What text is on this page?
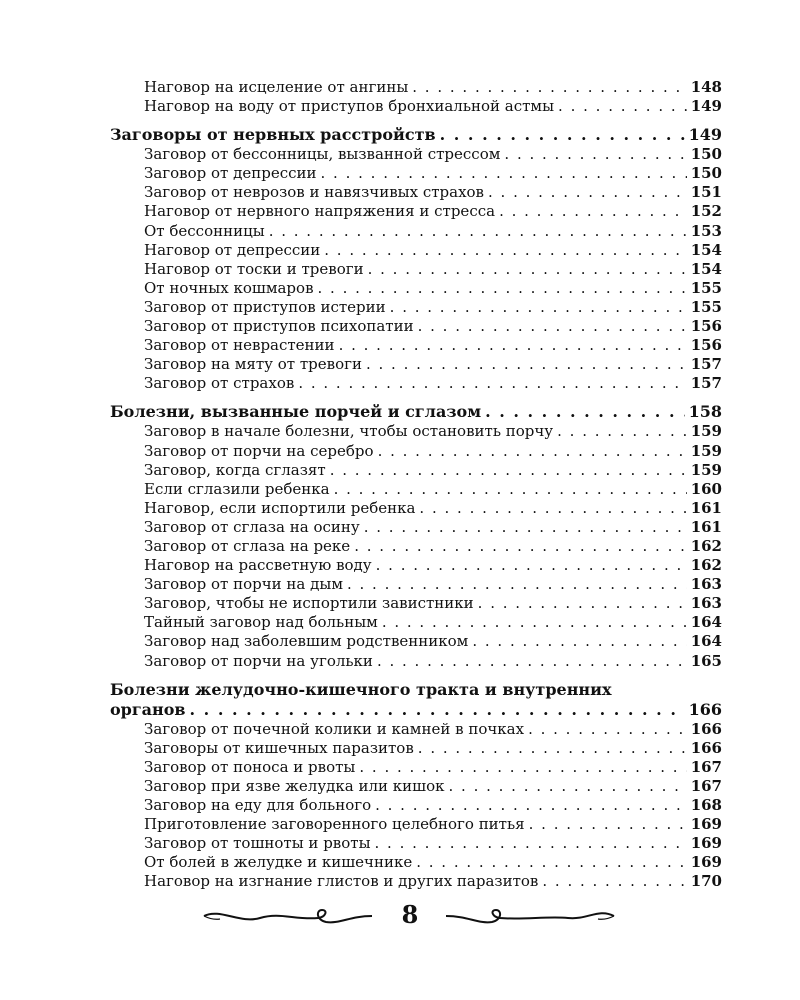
Наговор на исцеление от ангины . . .	148
Наговор на воду от приступов бронхиальной астмы . . .	149
Заговоры от нервных расстройств . . .	149
Заговор от бессонницы, вызванной стрессом . . .	150
Заговор от депрессии . . .	150
Заговор от неврозов и навязчивых страхов . . .	151
Наговор от нервного напряжения и стресса . . .	152
От бессонницы . . .	153
Наговор от депрессии . . .	154
Наговор от тоски и тревоги . . .	154
От ночных кошмаров . . .	155
Заговор от приступов истерии . . .	155
Заговор от приступов психопатии . . .	156
Заговор от неврастении . . .	156
Заговор на мяту от тревоги . . .	157
Заговор от страхов . . .	157
Болезни, вызванные порчей и сглазом . . .	158
Заговор в начале болезни, чтобы остановить порчу . . .	159
Заговор от порчи на серебро . . .	159
Заговор, когда сглазят . . .	159
Если сглазили ребенка . . .	160
Наговор, если испортили ребенка . . .	161
Заговор от сглаза на осину . . .	161
Заговор от сглаза на реке . . .	162
Наговор на рассветную воду . . .	162
Заговор от порчи на дым . . .	163
Заговор, чтобы не испортили завистники . . .	163
Тайный заговор над больным . . .	164
Заговор над заболевшим родственником . . .	164
Заговор от порчи на угольки . . .	165
Болезни желудочно-кишечного тракта и внутренних
органов . . .	166
Заговор от почечной колики и камней в почках . . .	166
Заговоры от кишечных паразитов . . .	166
Заговор от поноса и рвоты . . .	167
Заговор при язве желудка или кишок . . .	167
Заговор на еду для больного . . .	168
Приготовление заговоренного целебного питья . . .	169
Заговор от тошноты и рвоты . . .	169
От болей в желудке и кишечнике . . .	169
Наговор на изгнание глистов и других паразитов . . .	170
8
